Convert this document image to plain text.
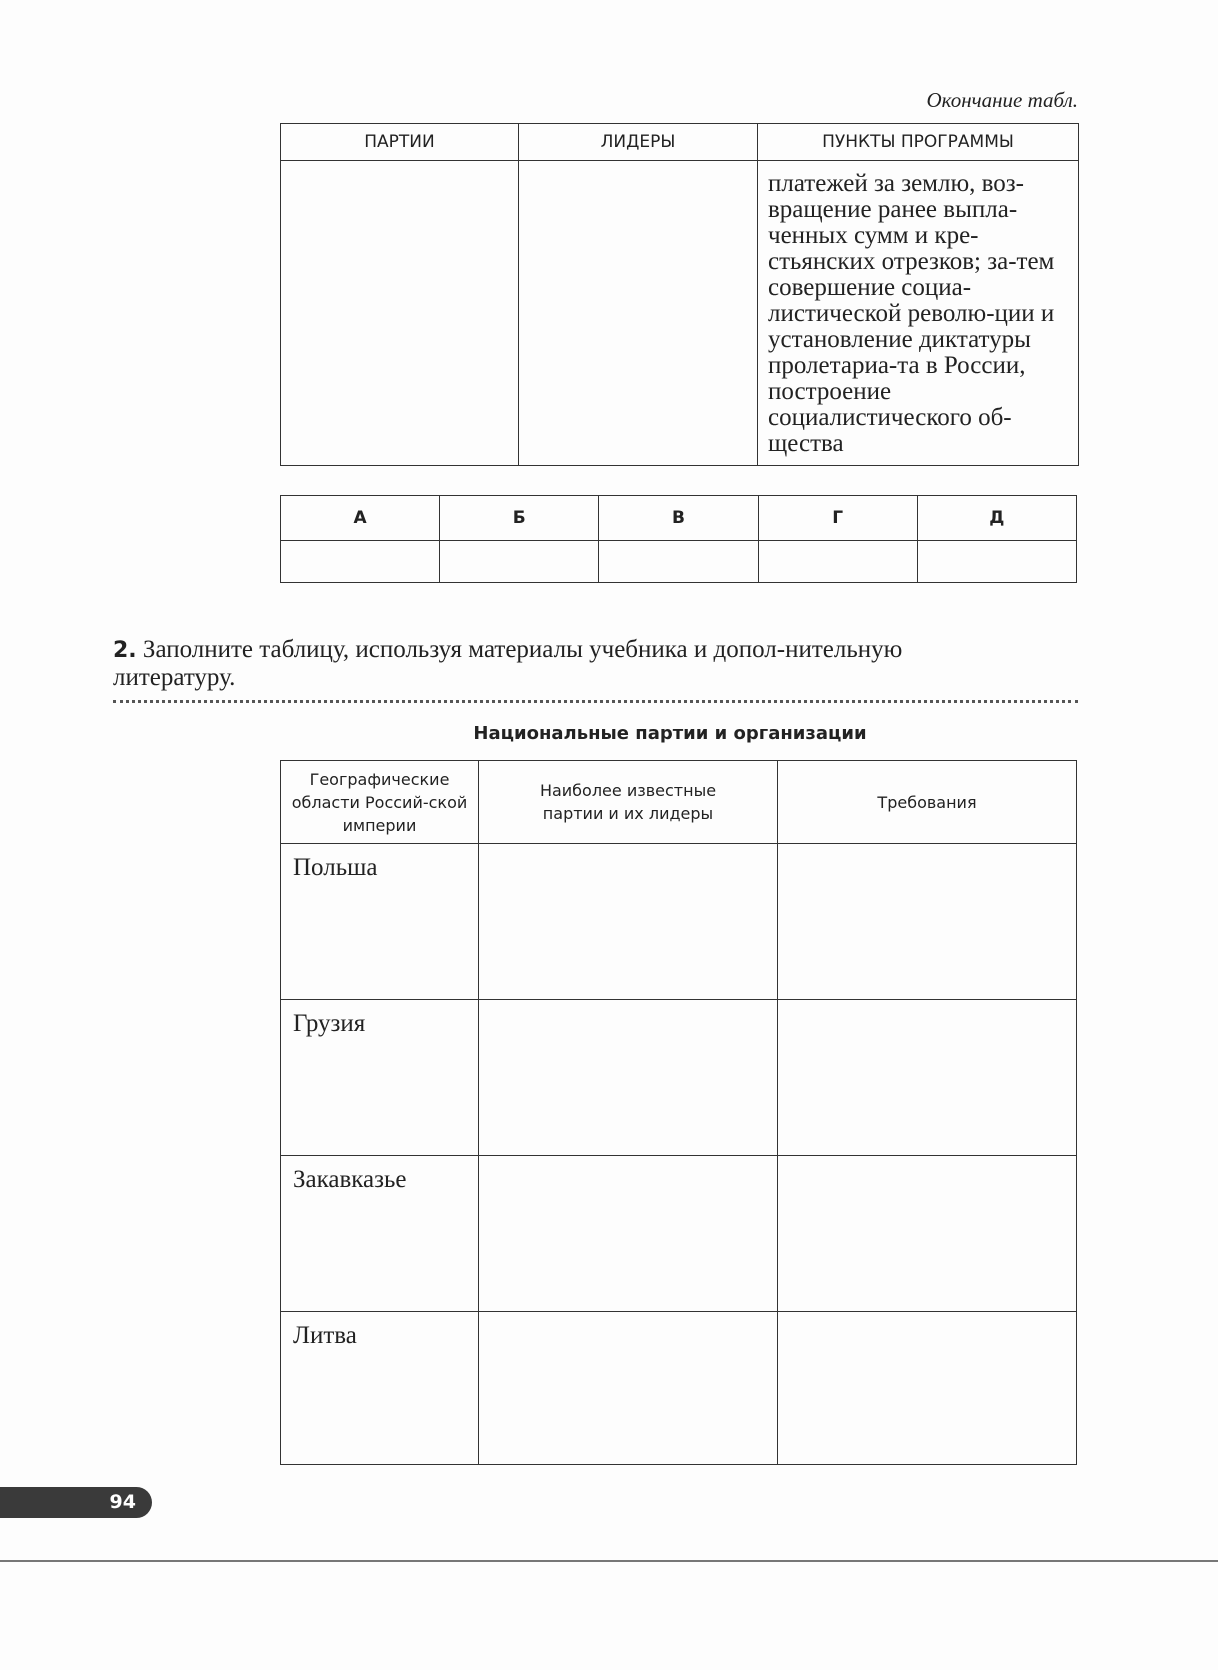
Окончание табл.
ПАРТИИ	ЛИДЕРЫ	ПУНКТЫ ПРОГРАММЫ
		платежей за землю, воз-вращение ранее выпла-ченных сумм и кре-стьянских отрезков; за-тем совершение социа-листической револю-ции и установление диктатуры пролетариа-та в России, построение социалистического об-щества
А	Б	В	Г	Д

2. Заполните таблицу, используя материалы учебника и допол-нительную литературу.
Национальные партии и организации
Географические области Россий-ской империи	Наиболее известные партии и их лидеры	Требования
Польша		
Грузия		
Закавказье		
Литва		
94
